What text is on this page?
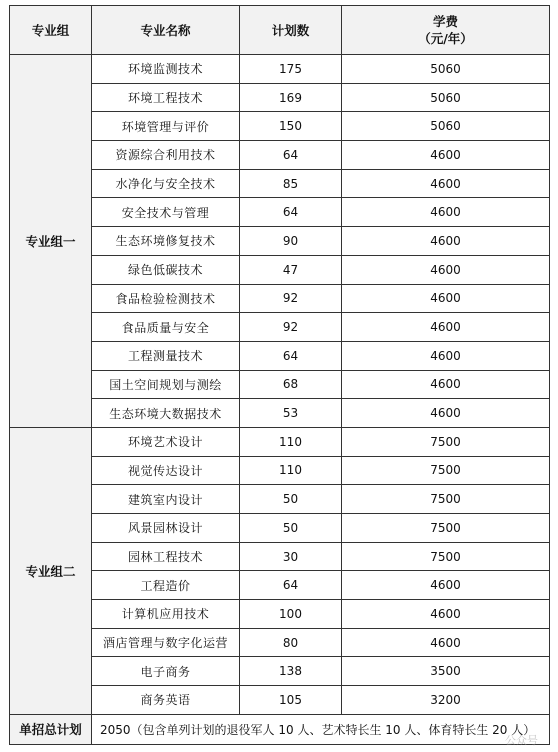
专业组	专业名称	计划数	学费
（元/年）

专业组一	环境监测技术	175	5060
	环境工程技术	169	5060
	环境管理与评价	150	5060
	资源综合利用技术	64	4600
	水净化与安全技术	85	4600
	安全技术与管理	64	4600
	生态环境修复技术	90	4600
	绿色低碳技术	47	4600
	食品检验检测技术	92	4600
	食品质量与安全	92	4600
	工程测量技术	64	4600
	国土空间规划与测绘	68	4600
	生态环境大数据技术	53	4600
专业组二	环境艺术设计	110	7500
	视觉传达设计	110	7500
	建筑室内设计	50	7500
	风景园林设计	50	7500
	园林工程技术	30	7500
	工程造价	64	4600
	计算机应用技术	100	4600
	酒店管理与数字化运营	80	4600
	电子商务	138	3500
	商务英语	105	3200
单招总计划	2050（包含单列计划的退役军人 10 人、艺术特长生 10 人、体育特长生 20 人）		
公众号
